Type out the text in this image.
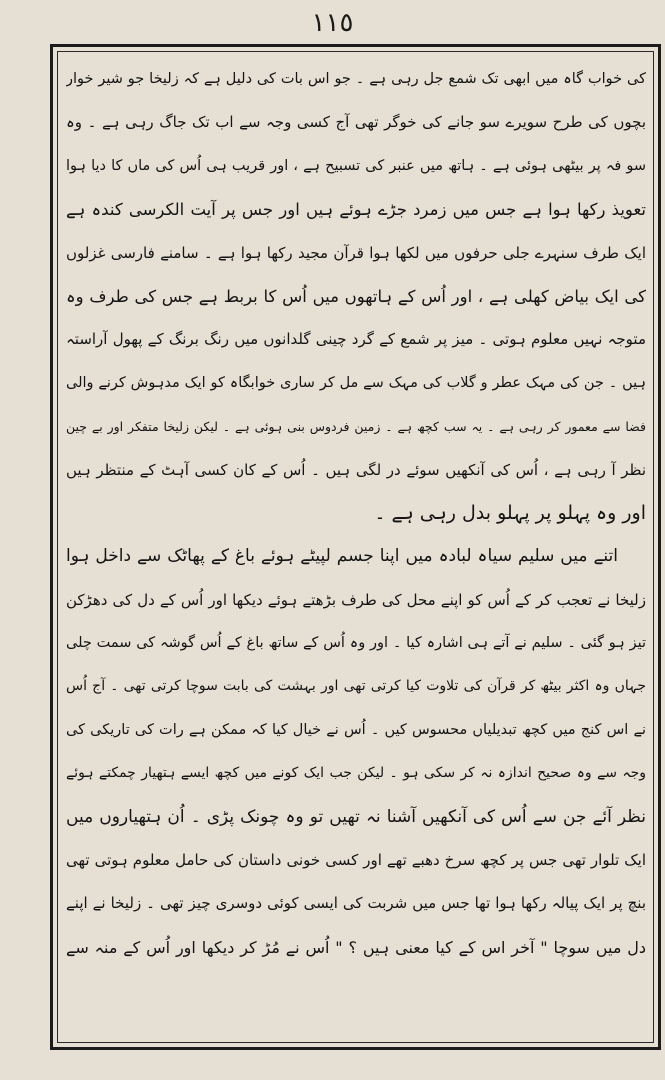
١١٥
کی خواب گاہ میں ابھی تک شمع جل رہی ہے ۔ جو اس بات کی دلیل ہے کہ زلیخا جو شیر خوار
بچوں کی طرح سویرے سو جانے کی خوگر تھی آج کسی وجہ سے اب تک جاگ رہی ہے ۔ وہ
سو فہ پر بیٹھی ہوئی ہے ۔ ہاتھ میں عنبر کی تسبیح ہے ، اور قریب ہی اُس کی ماں کا دیا ہوا
تعویذ رکھا ہوا ہے جس میں زمرد جڑے ہوئے ہیں اور جس پر آیت الکرسی کندہ ہے
ایک طرف سنہرے جلی حرفوں میں لکھا ہوا قرآن مجید رکھا ہوا ہے ۔ سامنے فارسی غزلوں
کی ایک بیاض کھلی ہے ، اور اُس کے ہاتھوں میں اُس کا بربط ہے جس کی طرف وہ
متوجہ نہیں معلوم ہوتی ۔ میز پر شمع کے گرد چینی گلدانوں میں رنگ برنگ کے پھول آراستہ
ہیں ۔ جن کی مہک عطر و گلاب کی مہک سے مل کر ساری خوابگاہ کو ایک مدہوش کرنے والی
فضا سے معمور کر رہی ہے ۔ یہ سب کچھ ہے ۔ زمین فردوس بنی ہوئی ہے ۔ لیکن زلیخا متفکر اور بے چین
نظر آ رہی ہے ، اُس کی آنکھیں سوئے در لگی ہیں ۔ اُس کے کان کسی آہٹ کے منتظر ہیں
اور وہ پہلو پر پہلو بدل رہی ہے ۔
اتنے میں سلیم سیاہ لبادہ میں اپنا جسم لپیٹے ہوئے باغ کے پھاٹک سے داخل ہوا
زلیخا نے تعجب کر کے اُس کو اپنے محل کی طرف بڑھتے ہوئے دیکھا اور اُس کے دل کی دھڑکن
تیز ہو گئی ۔ سلیم نے آتے ہی اشارہ کیا ۔ اور وہ اُس کے ساتھ باغ کے اُس گوشہ کی سمت چلی
جہاں وہ اکثر بیٹھ کر قرآن کی تلاوت کیا کرتی تھی اور بہشت کی بابت سوچا کرتی تھی ۔ آج اُس
نے اس کنج میں کچھ تبدیلیاں محسوس کیں ۔ اُس نے خیال کیا کہ ممکن ہے رات کی تاریکی کی
وجہ سے وہ صحیح اندازہ نہ کر سکی ہو ۔ لیکن جب ایک کونے میں کچھ ایسے ہتھیار چمکتے ہوئے
نظر آئے جن سے اُس کی آنکھیں آشنا نہ تھیں تو وہ چونک پڑی ۔ اُن ہتھیاروں میں
ایک تلوار تھی جس پر کچھ سرخ دھبے تھے اور کسی خونی داستان کی حامل معلوم ہوتی تھی
بنچ پر ایک پیالہ رکھا ہوا تھا جس میں شربت کی ایسی کوئی دوسری چیز تھی ۔ زلیخا نے اپنے
دل میں سوچا " آخر اس کے کیا معنی ہیں ؟ " اُس نے مُڑ کر دیکھا اور اُس کے منہ سے
